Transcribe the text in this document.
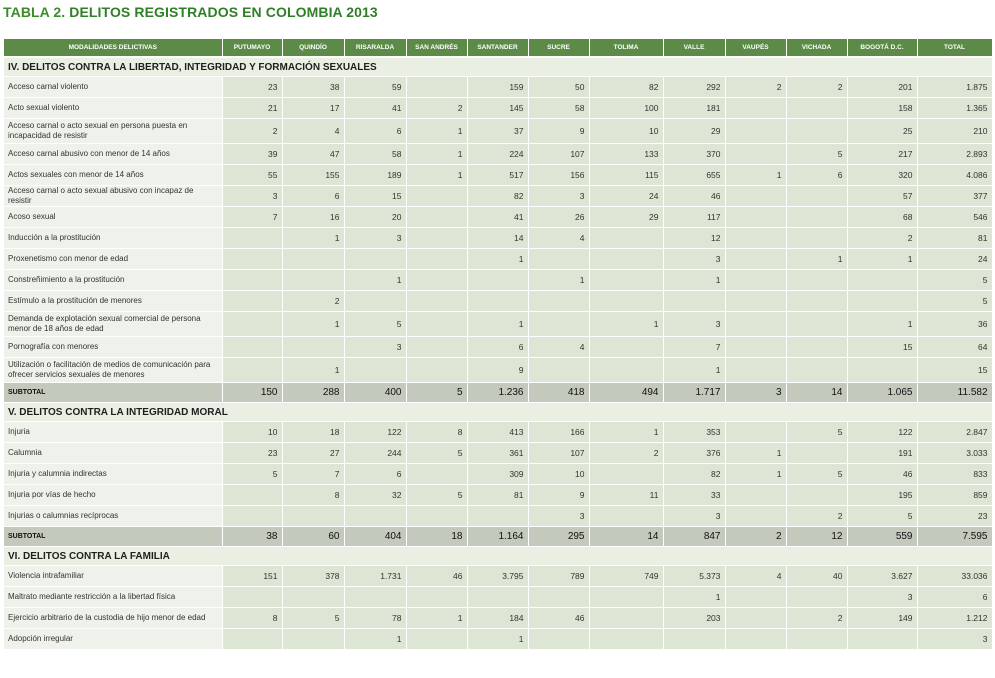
TABLA 2. DELITOS REGISTRADOS EN COLOMBIA 2013
MODALIDADES DELICTIVAS	PUTUMAYO	QUINDÍO	RISARALDA	SAN ANDRÉS	SANTANDER	SUCRE	TOLIMA	VALLE	VAUPÉS	VICHADA	BOGOTÁ D.C.	TOTAL
IV. DELITOS CONTRA LA LIBERTAD, INTEGRIDAD Y FORMACIÓN SEXUALES												
Acceso carnal violento	23	38	59		159	50	82	292	2	2	201	1.875
Acto sexual violento	21	17	41	2	145	58	100	181			158	1.365
Acceso carnal o acto sexual en persona puesta en incapacidad de resistir	2	4	6	1	37	9	10	29			25	210
Acceso carnal abusivo con menor de 14 años	39	47	58	1	224	107	133	370		5	217	2.893
Actos sexuales con menor de 14 años	55	155	189	1	517	156	115	655	1	6	320	4.086
Acceso carnal o acto sexual abusivo con incapaz de resistir	3	6	15		82	3	24	46			57	377
Acoso sexual	7	16	20		41	26	29	117			68	546
Inducción a la prostitución		1	3		14	4		12			2	81
Proxenetismo con menor de edad					1			3		1	1	24
Constreñimiento a la prostitución			1			1		1				5
Estímulo a la prostitución de menores		2										5
Demanda de explotación sexual comercial de persona menor de 18 años de edad		1	5		1		1	3			1	36
Pornografía con menores			3		6	4		7			15	64
Utilización o facilitación de medios de comunicación para ofrecer servicios sexuales de menores		1			9			1				15
SUBTOTAL	150	288	400	5	1.236	418	494	1.717	3	14	1.065	11.582
V. DELITOS CONTRA LA INTEGRIDAD MORAL												
Injuria	10	18	122	8	413	166	1	353		5	122	2.847
Calumnia	23	27	244	5	361	107	2	376	1		191	3.033
Injuria y calumnia indirectas	5	7	6		309	10		82	1	5	46	833
Injuria por vías de hecho		8	32	5	81	9	11	33			195	859
Injurias o calumnias recíprocas						3		3		2	5	23
SUBTOTAL	38	60	404	18	1.164	295	14	847	2	12	559	7.595
VI. DELITOS CONTRA LA FAMILIA												
Violencia intrafamiliar	151	378	1.731	46	3.795	789	749	5.373	4	40	3.627	33.036
Maltrato mediante restricción a la libertad física								1			3	6
Ejercicio arbitrario de la custodia de hijo menor de edad	8	5	78	1	184	46		203		2	149	1.212
Adopción irregular			1		1							3
